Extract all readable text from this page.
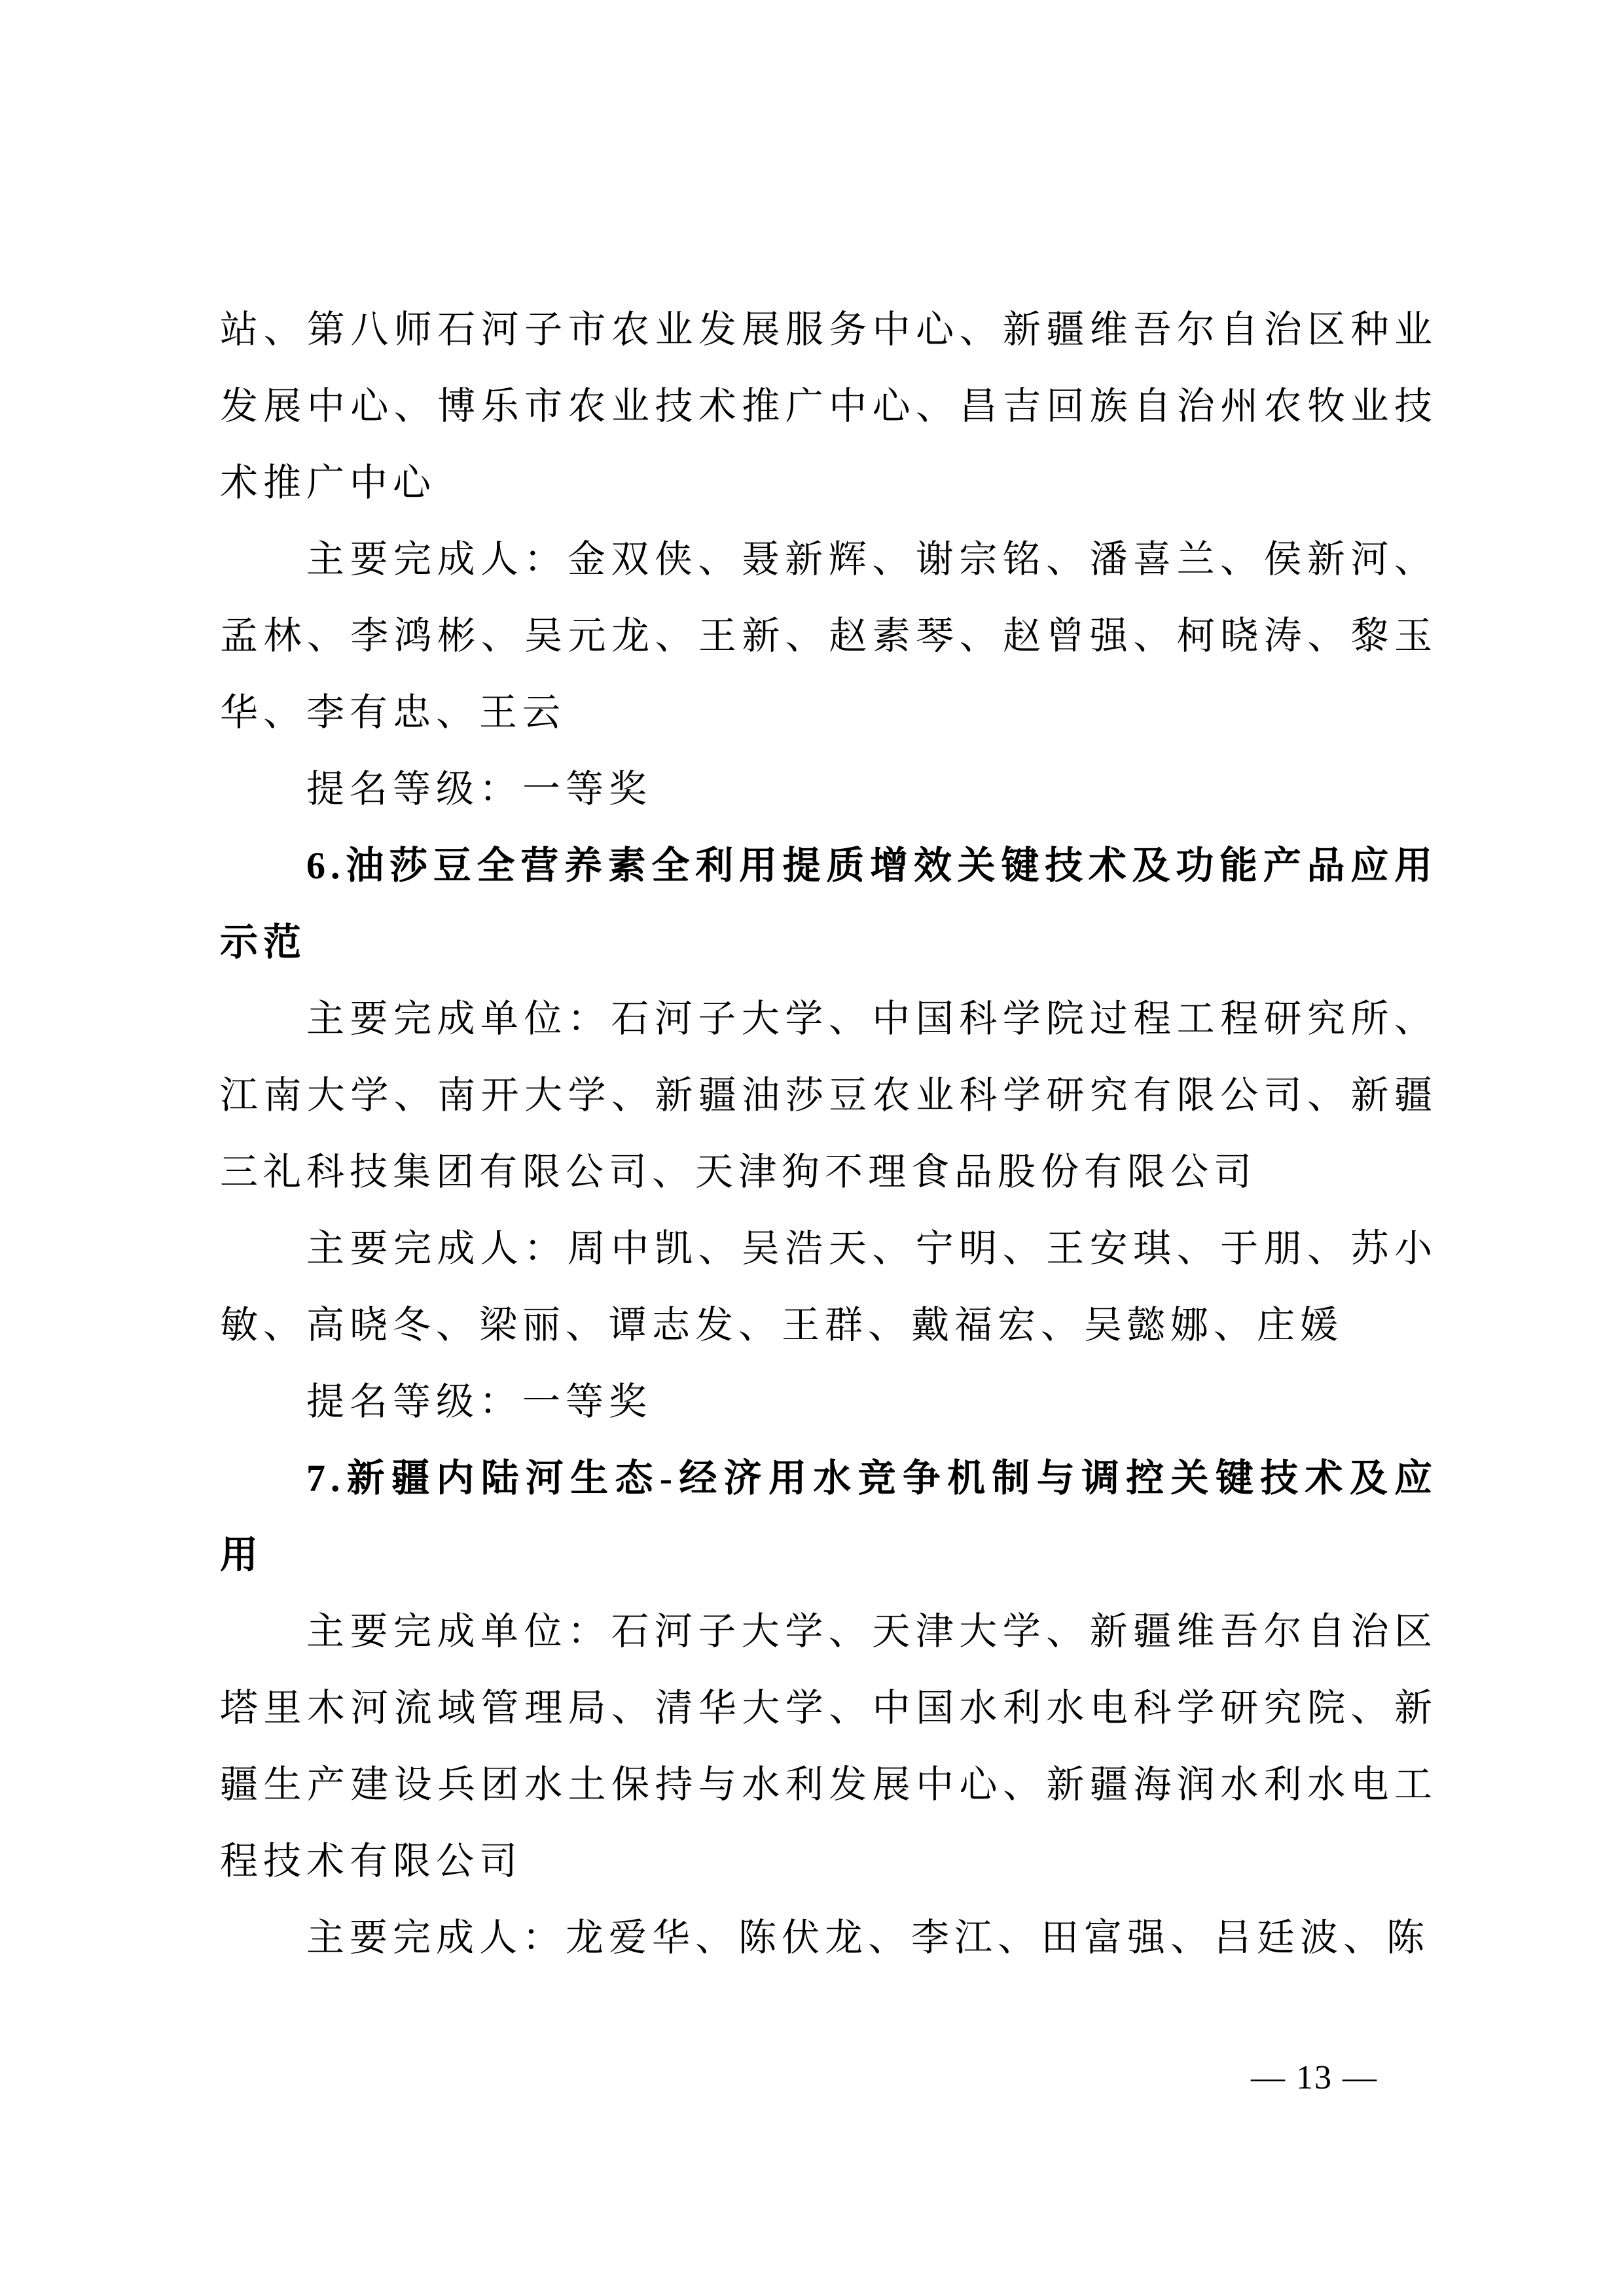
站、第八师石河子市农业发展服务中心、新疆维吾尔自治区种业发展中心、博乐市农业技术推广中心、昌吉回族自治州农牧业技术推广中心

主要完成人：金双侠、聂新辉、谢宗铭、潘喜兰、侯新河、孟林、李鸿彬、吴元龙、王新、赵素琴、赵曾强、柯晓涛、黎玉华、李有忠、王云

提名等级：一等奖

6.油莎豆全营养素全利用提质增效关键技术及功能产品应用示范

主要完成单位：石河子大学、中国科学院过程工程研究所、江南大学、南开大学、新疆油莎豆农业科学研究有限公司、新疆三礼科技集团有限公司、天津狗不理食品股份有限公司

主要完成人：周中凯、吴浩天、宁明、王安琪、于朋、苏小敏、高晓冬、梁丽、谭志发、王群、戴福宏、吴懿娜、庄媛

提名等级：一等奖

7.新疆内陆河生态-经济用水竞争机制与调控关键技术及应用

主要完成单位：石河子大学、天津大学、新疆维吾尔自治区塔里木河流域管理局、清华大学、中国水利水电科学研究院、新疆生产建设兵团水土保持与水利发展中心、新疆海润水利水电工程技术有限公司

主要完成人：龙爱华、陈伏龙、李江、田富强、吕廷波、陈

— 13 —
